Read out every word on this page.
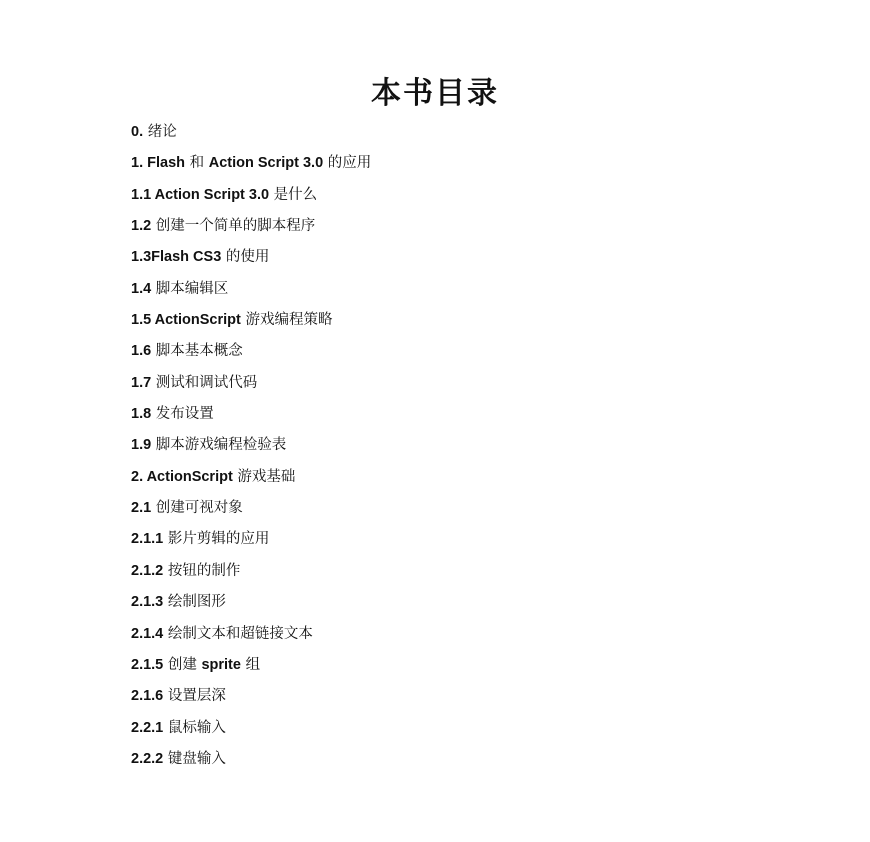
本书目录
0. 绪论
1. Flash 和 Action Script 3.0 的应用
1.1 Action Script 3.0 是什么
1.2 创建一个简单的脚本程序
1.3Flash CS3 的使用
1.4 脚本编辑区
1.5 ActionScript 游戏编程策略
1.6 脚本基本概念
1.7 测试和调试代码
1.8 发布设置
1.9 脚本游戏编程检验表
2. ActionScript 游戏基础
2.1 创建可视对象
2.1.1 影片剪辑的应用
2.1.2 按钮的制作
2.1.3 绘制图形
2.1.4 绘制文本和超链接文本
2.1.5 创建 sprite 组
2.1.6 设置层深
2.2.1 鼠标输入
2.2.2 键盘输入
